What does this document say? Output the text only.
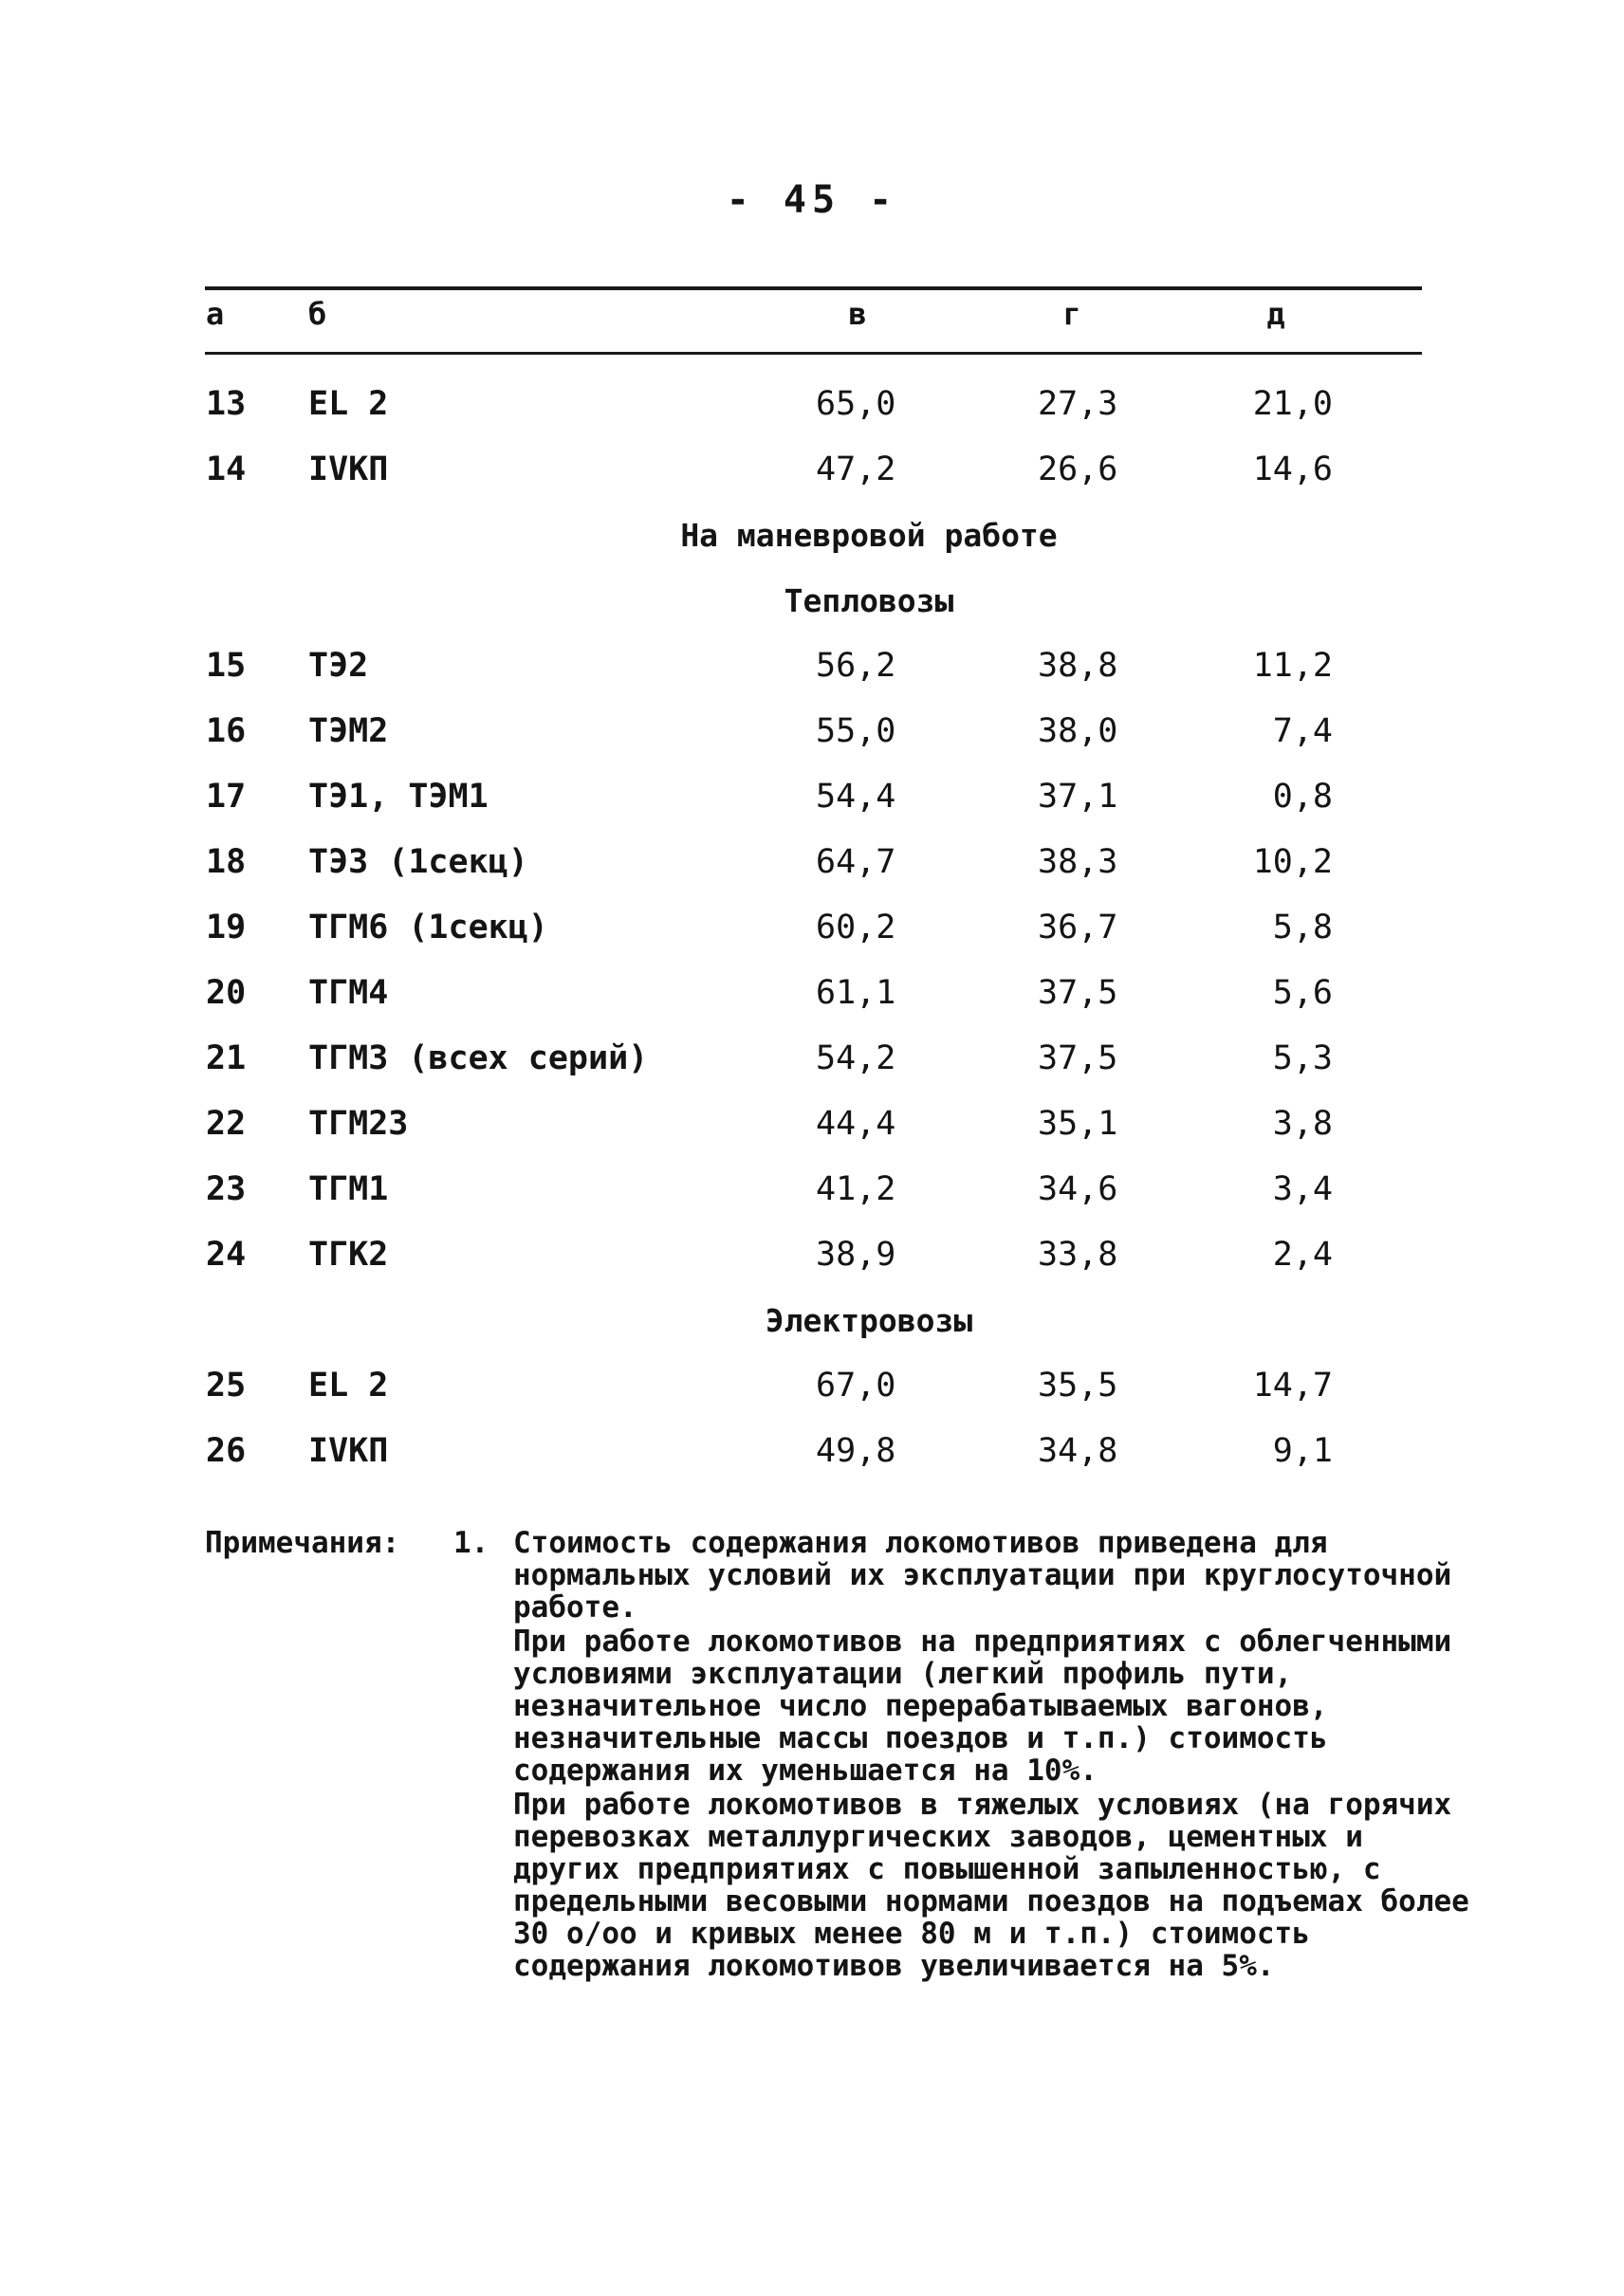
- 45 -
а	б	в	г	д
13 EL 2	65,0	27,3	21,0
14 IVКП	47,2	26,6	14,6
На маневровой работе
Тепловозы
15 ТЭ2	56,2	38,8	11,2
16 ТЭМ2	55,0	38,0	7,4
17 ТЭ1, ТЭМ1	54,4	37,1	0,8
18 ТЭ3 (1секц)	64,7	38,3	10,2
19 ТГМ6 (1секц)	60,2	36,7	5,8
20 ТГМ4	61,1	37,5	5,6
21 ТГМ3 (всех серий)	54,2	37,5	5,3
22 ТГМ23	44,4	35,1	3,8
23 ТГМ1	41,2	34,6	3,4
24 ТГК2	38,9	33,8	2,4
Электровозы
25 EL 2	67,0	35,5	14,7
26 IVКП	49,8	34,8	9,1
Примечания: 1. Стоимость содержания локомотивов приведена для нормальных условий их эксплуатации при круглосуточной работе.
При работе локомотивов на предприятиях с облегченными условиями эксплуатации (легкий профиль пути, незначительное число перерабатываемых вагонов, незначительные массы поездов и т.п.) стоимость содержания их уменьшается на 10%.
При работе локомотивов в тяжелых условиях (на горячих перевозках металлургических заводов, цементных и других предприятиях с повышенной запыленностью, с предельными весовыми нормами поездов на подъемах более 30 о/оо и кривых менее 80 м и т.п.) стоимость содержания локомотивов увеличивается на 5%.
